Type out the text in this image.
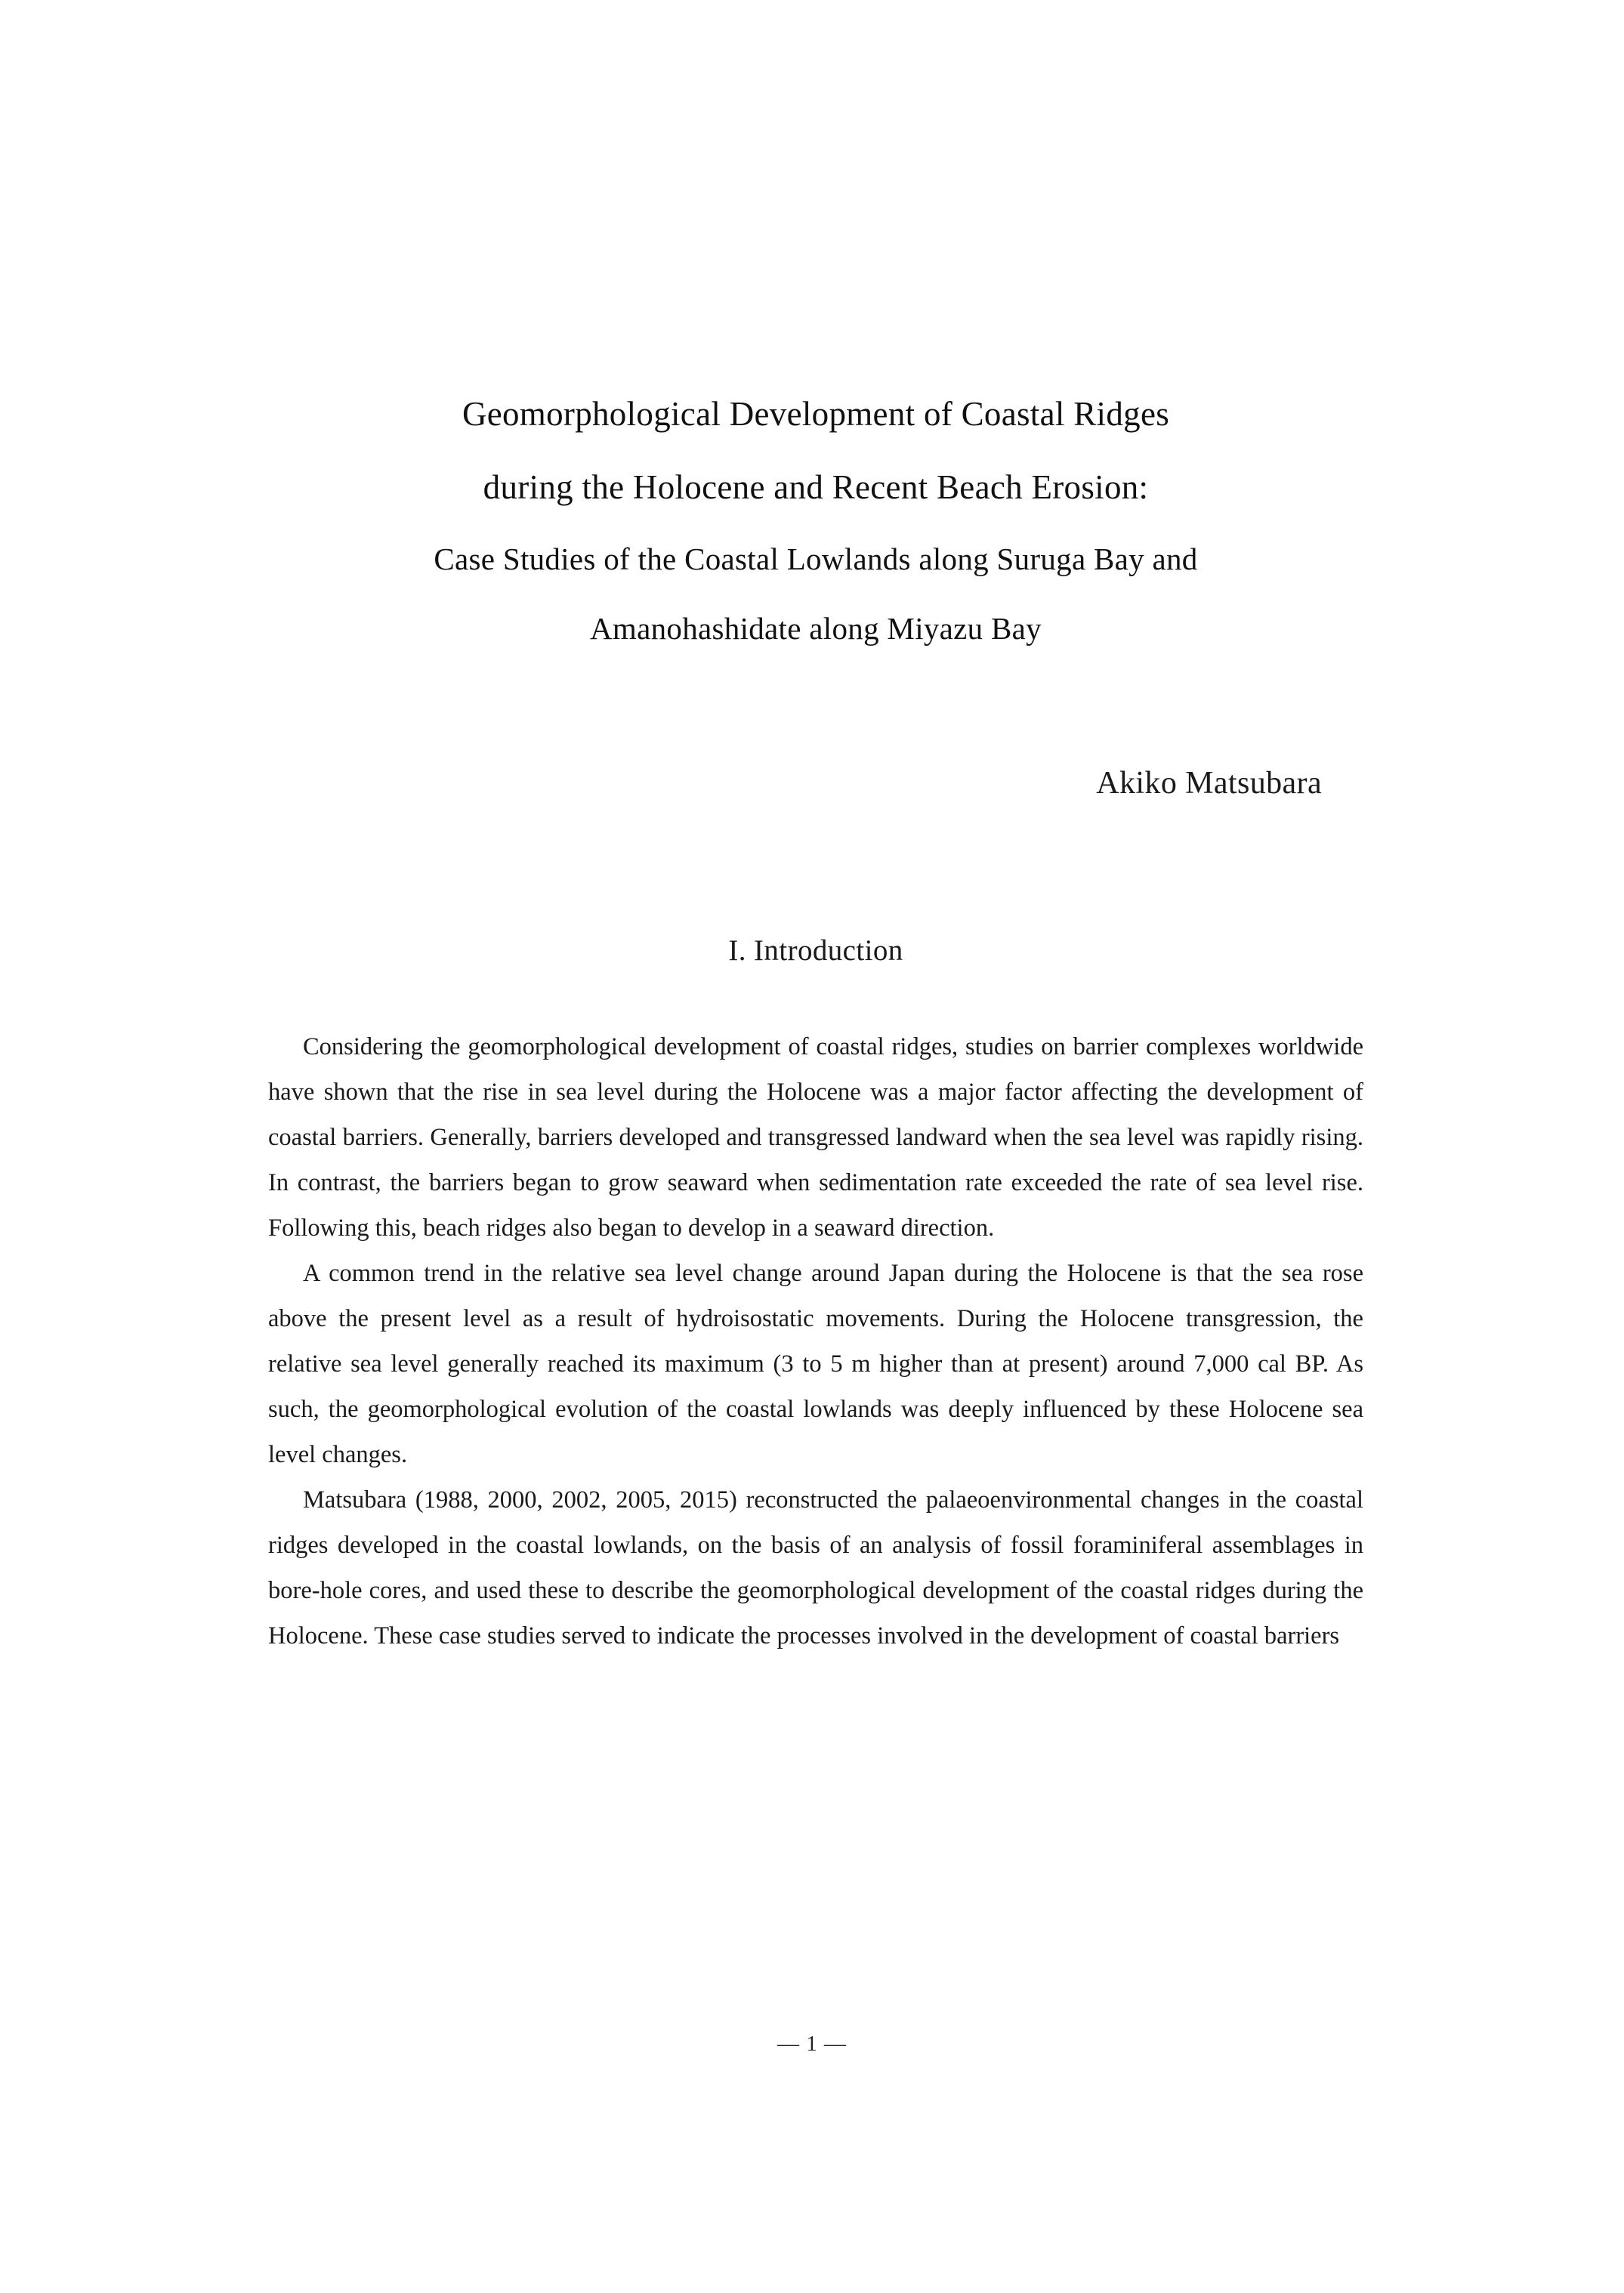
Geomorphological Development of Coastal Ridges
during the Holocene and Recent Beach Erosion:
Case Studies of the Coastal Lowlands along Suruga Bay and
Amanohashidate along Miyazu Bay
Akiko Matsubara
I. Introduction

Considering the geomorphological development of coastal ridges, studies on barrier complexes worldwide have shown that the rise in sea level during the Holocene was a major factor affecting the development of coastal barriers. Generally, barriers developed and transgressed landward when the sea level was rapidly rising. In contrast, the barriers began to grow seaward when sedimentation rate exceeded the rate of sea level rise. Following this, beach ridges also began to develop in a seaward direction.

A common trend in the relative sea level change around Japan during the Holocene is that the sea rose above the present level as a result of hydroisostatic movements. During the Holocene transgression, the relative sea level generally reached its maximum (3 to 5 m higher than at present) around 7,000 cal BP. As such, the geomorphological evolution of the coastal lowlands was deeply influenced by these Holocene sea level changes.

Matsubara (1988, 2000, 2002, 2005, 2015) reconstructed the palaeoenvironmental changes in the coastal ridges developed in the coastal lowlands, on the basis of an analysis of fossil foraminiferal assemblages in bore-hole cores, and used these to describe the geomorphological development of the coastal ridges during the Holocene. These case studies served to indicate the processes involved in the development of coastal barriers

— 1 —
